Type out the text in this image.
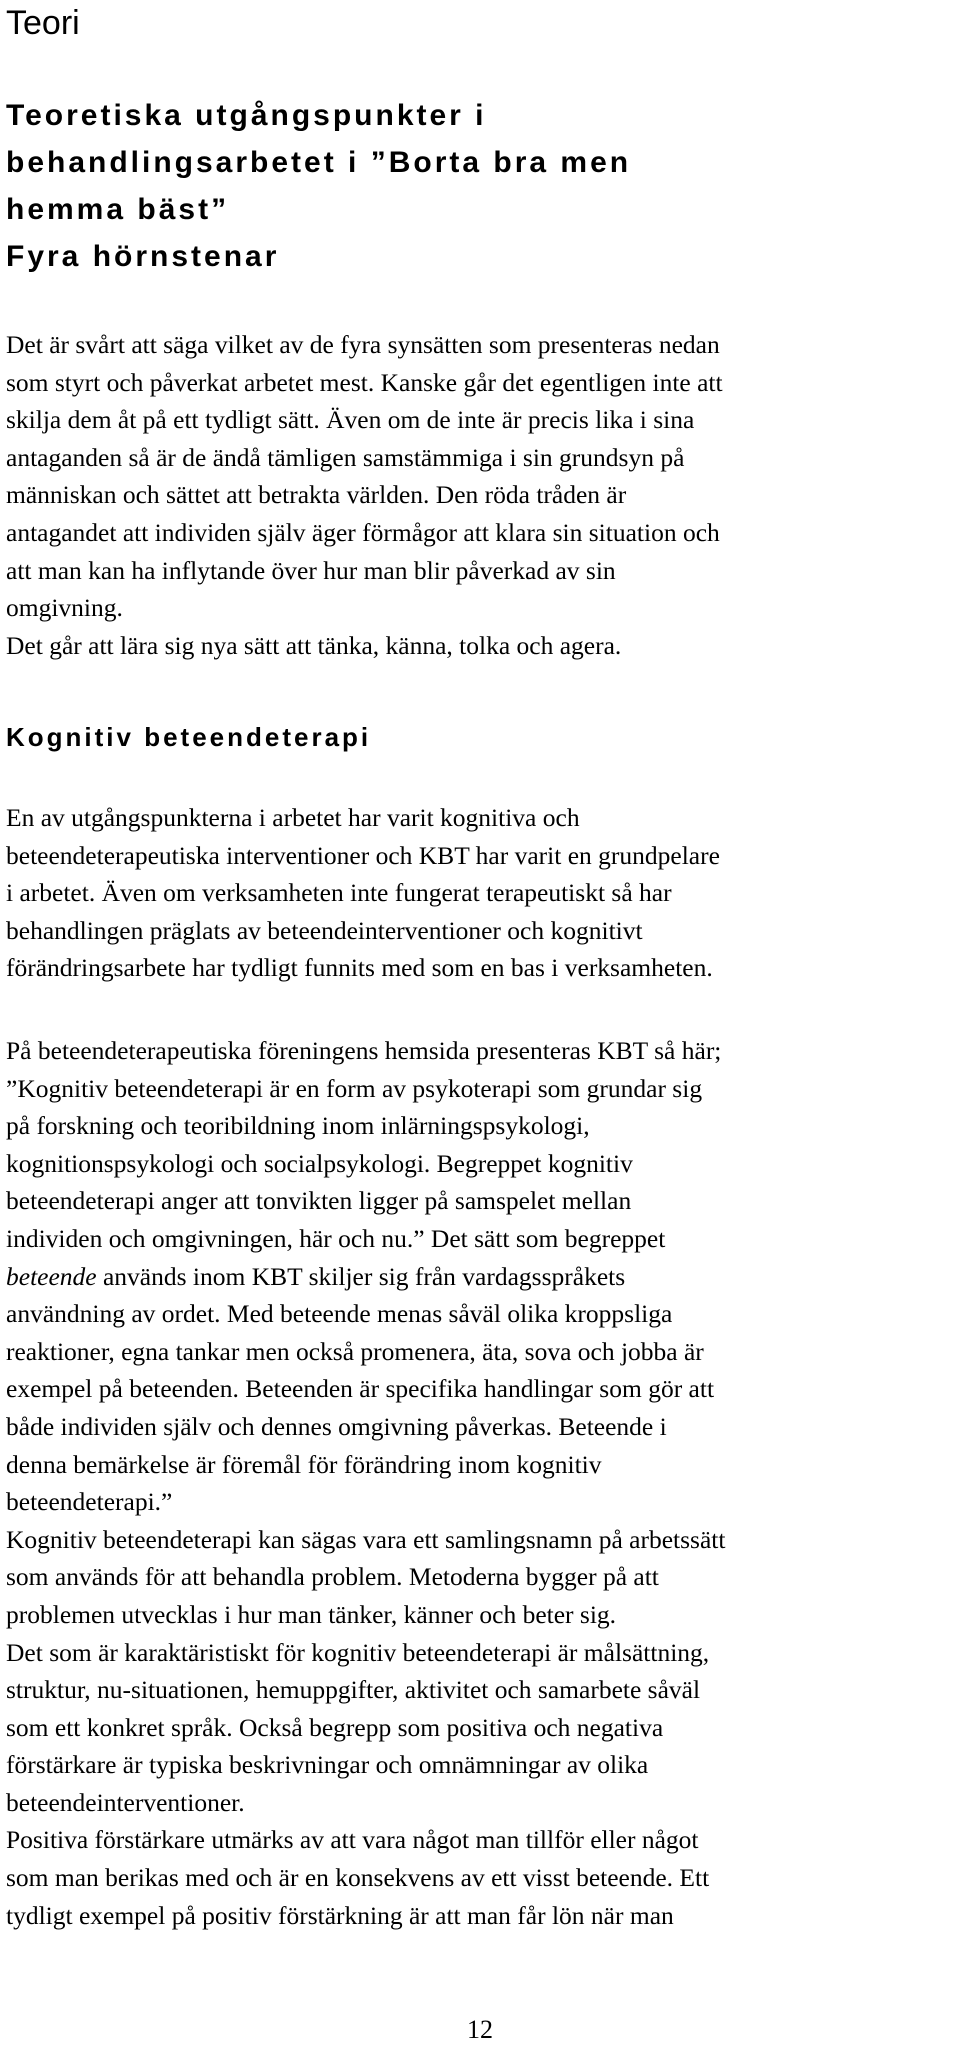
Teori
Teoretiska utgångspunkter i
behandlingsarbetet i ”Borta bra men
hemma bäst”
Fyra hörnstenar
Det är svårt att säga vilket av de fyra synsätten som presenteras nedan
som styrt och påverkat arbetet mest. Kanske går det egentligen inte att
skilja dem åt på ett tydligt sätt. Även om de inte är precis lika i sina
antaganden så är de ändå tämligen samstämmiga i sin grundsyn på
människan och sättet att betrakta världen. Den röda tråden är
antagandet att individen själv äger förmågor att klara sin situation och
att man kan ha inflytande över hur man blir påverkad av sin
omgivning.
Det går att lära sig nya sätt att tänka, känna, tolka och agera.
Kognitiv beteendeterapi
En av utgångspunkterna i arbetet har varit kognitiva och
beteendeterapeutiska interventioner och KBT har varit en grundpelare
i arbetet. Även om verksamheten inte fungerat terapeutiskt så har
behandlingen präglats av beteendeinterventioner och kognitivt
förändringsarbete har tydligt funnits med som en bas i verksamheten.
På beteendeterapeutiska föreningens hemsida presenteras KBT så här;
”Kognitiv beteendeterapi är en form av psykoterapi som grundar sig
på forskning och teoribildning inom inlärningspsykologi,
kognitionspsykologi och socialpsykologi. Begreppet kognitiv
beteendeterapi anger att tonvikten ligger på samspelet mellan
individen och omgivningen, här och nu.” Det sätt som begreppet
beteende används inom KBT skiljer sig från vardagsspråkets
användning av ordet. Med beteende menas såväl olika kroppsliga
reaktioner, egna tankar men också promenera, äta, sova och jobba är
exempel på beteenden. Beteenden är specifika handlingar som gör att
både individen själv och dennes omgivning påverkas. Beteende i
denna bemärkelse är föremål för förändring inom kognitiv
beteendeterapi.”
Kognitiv beteendeterapi kan sägas vara ett samlingsnamn på arbetssätt
som används för att behandla problem. Metoderna bygger på att
problemen utvecklas i hur man tänker, känner och beter sig.
Det som är karaktäristiskt för kognitiv beteendeterapi är målsättning,
struktur, nu-situationen, hemuppgifter, aktivitet och samarbete såväl
som ett konkret språk. Också begrepp som positiva och negativa
förstärkare är typiska beskrivningar och omnämningar av olika
beteendeinterventioner.
Positiva förstärkare utmärks av att vara något man tillför eller något
som man berikas med och är en konsekvens av ett visst beteende. Ett
tydligt exempel på positiv förstärkning är att man får lön när man

12
